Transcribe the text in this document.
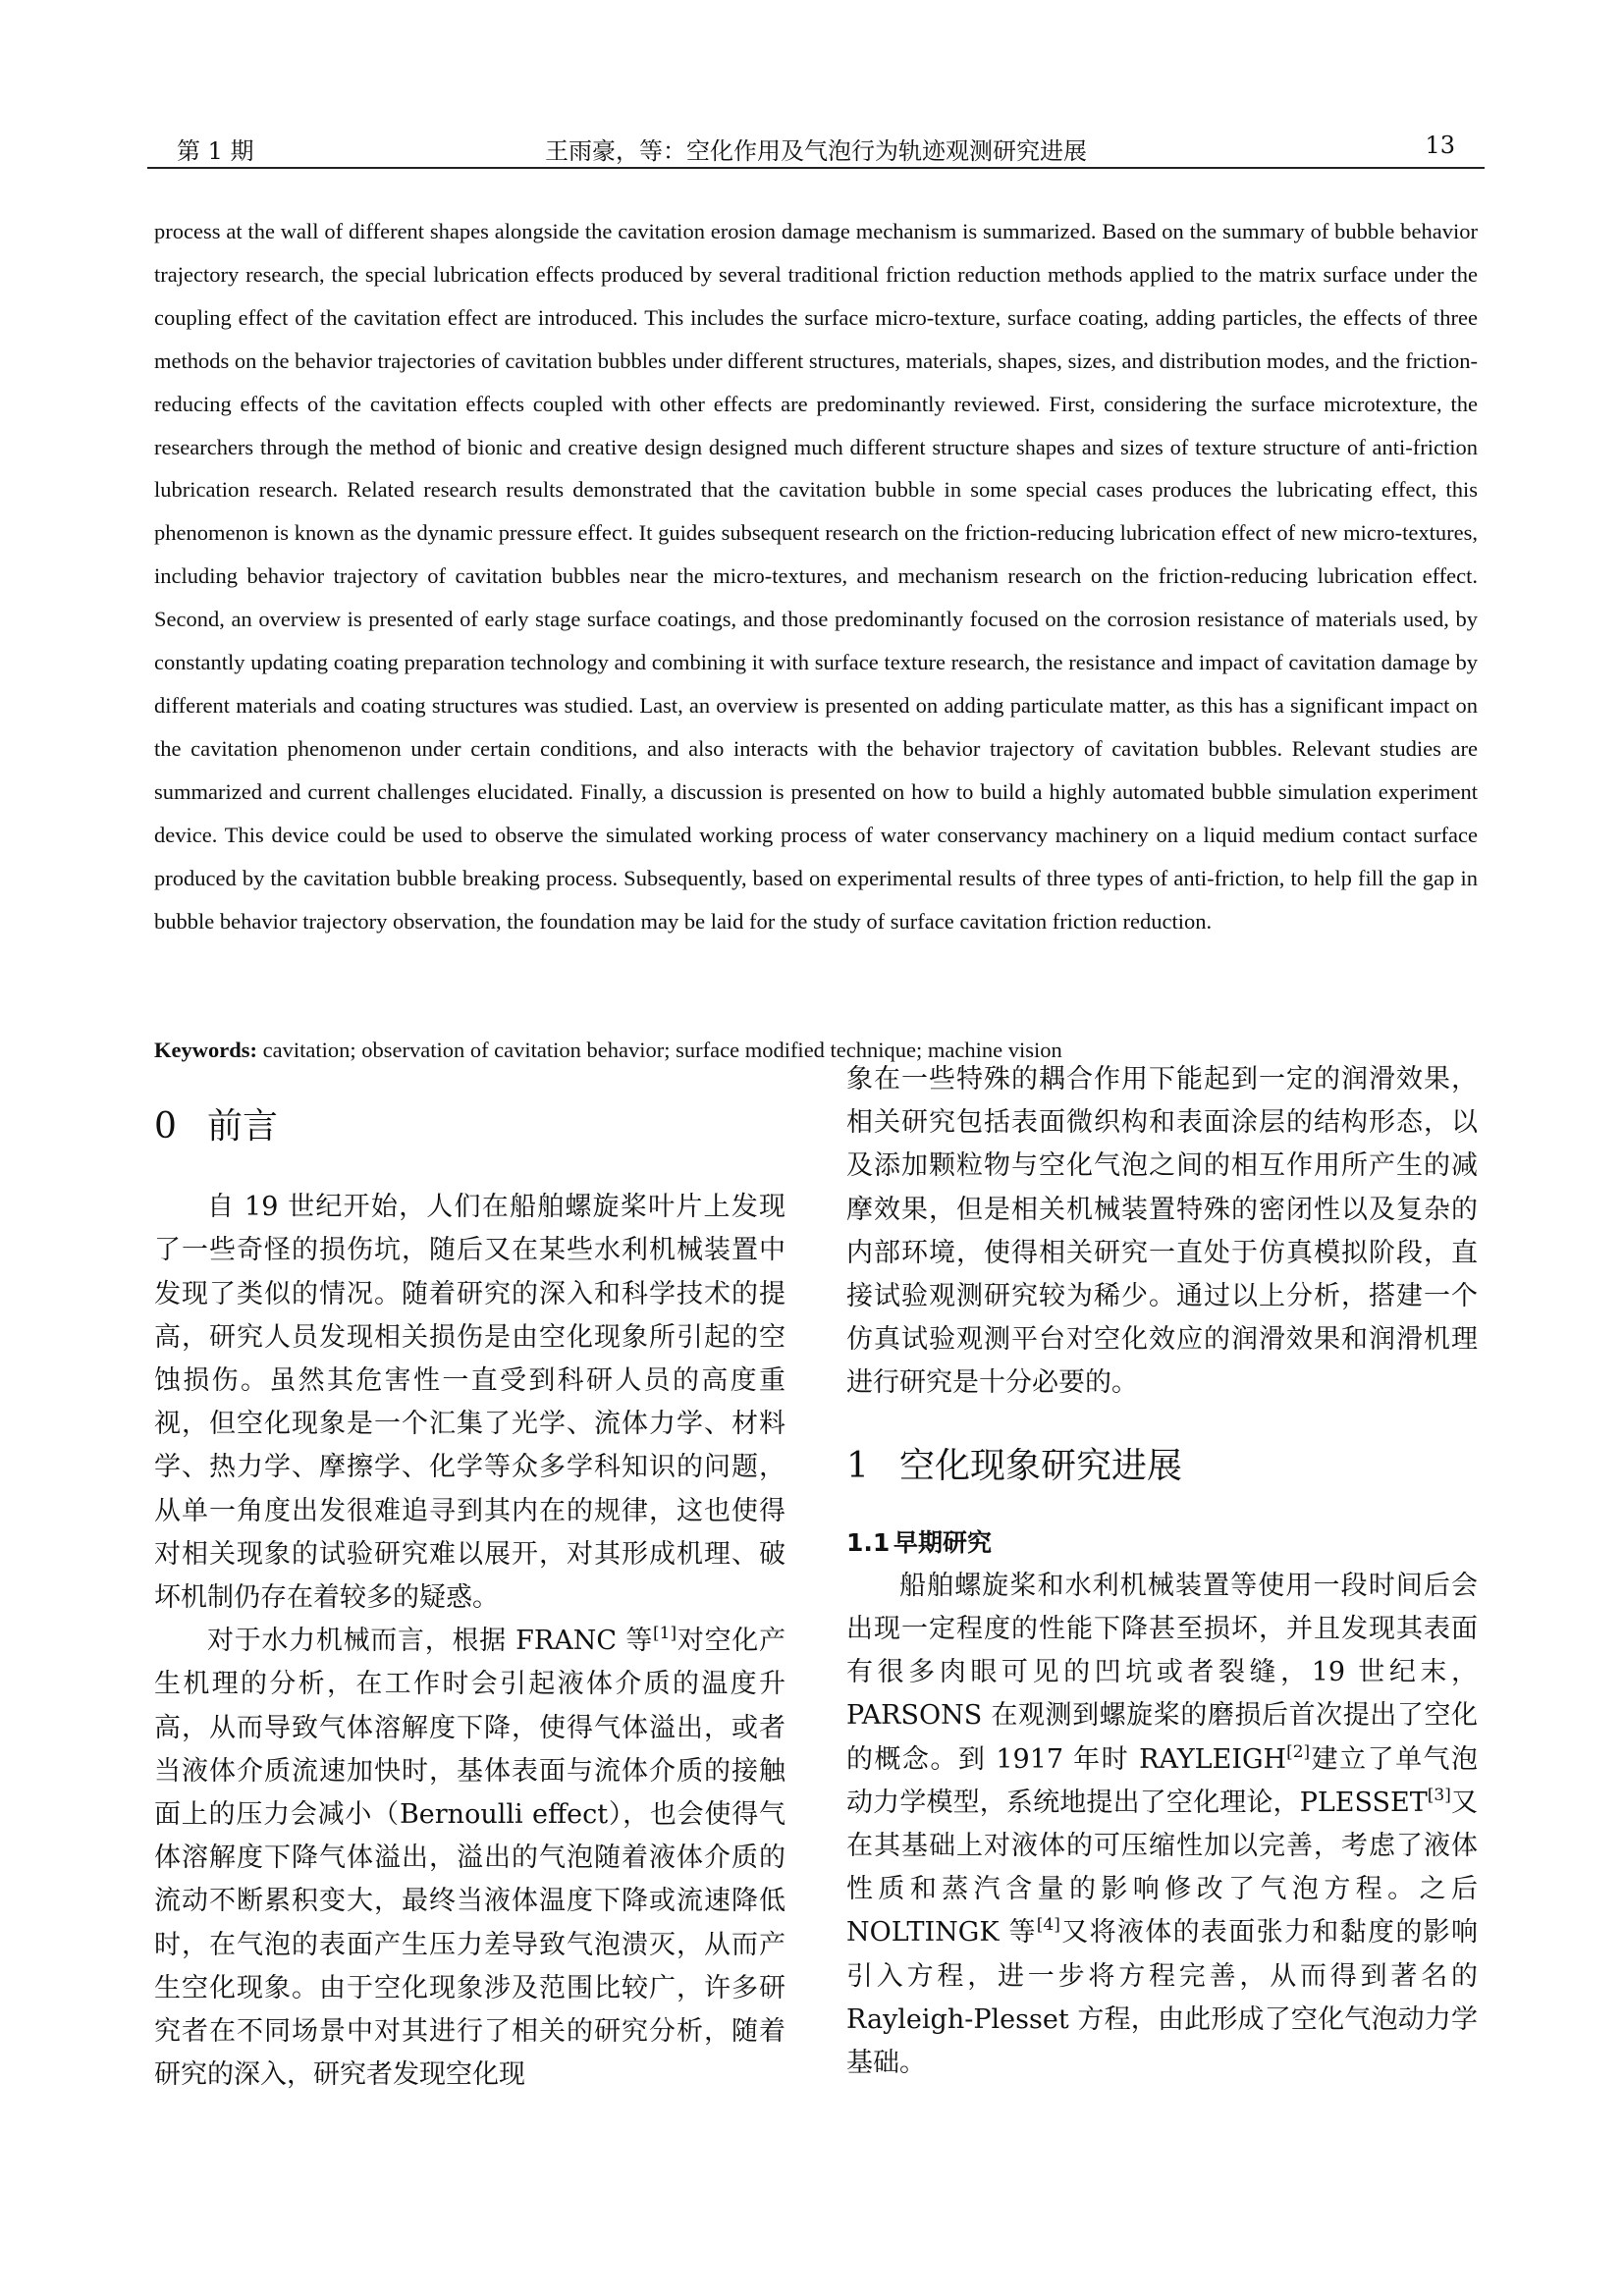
第 1 期	王雨豪，等：空化作用及气泡行为轨迹观测研究进展	13

process at the wall of different shapes alongside the cavitation erosion damage mechanism is summarized. Based on the summary of bubble behavior trajectory research, the special lubrication effects produced by several traditional friction reduction methods applied to the matrix surface under the coupling effect of the cavitation effect are introduced. This includes the surface micro-texture, surface coating, adding particles, the effects of three methods on the behavior trajectories of cavitation bubbles under different structures, materials, shapes, sizes, and distribution modes, and the friction-reducing effects of the cavitation effects coupled with other effects are predominantly reviewed. First, considering the surface microtexture, the researchers through the method of bionic and creative design designed much different structure shapes and sizes of texture structure of anti-friction lubrication research. Related research results demonstrated that the cavitation bubble in some special cases produces the lubricating effect, this phenomenon is known as the dynamic pressure effect. It guides subsequent research on the friction-reducing lubrication effect of new micro-textures, including behavior trajectory of cavitation bubbles near the micro-textures, and mechanism research on the friction-reducing lubrication effect. Second, an overview is presented of early stage surface coatings, and those predominantly focused on the corrosion resistance of materials used, by constantly updating coating preparation technology and combining it with surface texture research, the resistance and impact of cavitation damage by different materials and coating structures was studied. Last, an overview is presented on adding particulate matter, as this has a significant impact on the cavitation phenomenon under certain conditions, and also interacts with the behavior trajectory of cavitation bubbles. Relevant studies are summarized and current challenges elucidated. Finally, a discussion is presented on how to build a highly automated bubble simulation experiment device. This device could be used to observe the simulated working process of water conservancy machinery on a liquid medium contact surface produced by the cavitation bubble breaking process. Subsequently, based on experimental results of three types of anti-friction, to help fill the gap in bubble behavior trajectory observation, the foundation may be laid for the study of surface cavitation friction reduction.

Keywords: cavitation; observation of cavitation behavior; surface modified technique; machine vision
0 前言

自 19 世纪开始，人们在船舶螺旋桨叶片上发现了一些奇怪的损伤坑，随后又在某些水利机械装置中发现了类似的情况。随着研究的深入和科学技术的提高，研究人员发现相关损伤是由空化现象所引起的空蚀损伤。虽然其危害性一直受到科研人员的高度重视，但空化现象是一个汇集了光学、流体力学、材料学、热力学、摩擦学、化学等众多学科知识的问题，从单一角度出发很难追寻到其内在的规律，这也使得对相关现象的试验研究难以展开，对其形成机理、破坏机制仍存在着较多的疑惑。

对于水力机械而言，根据 FRANC 等[1]对空化产生机理的分析，在工作时会引起液体介质的温度升高，从而导致气体溶解度下降，使得气体溢出，或者当液体介质流速加快时，基体表面与流体介质的接触面上的压力会减小（Bernoulli effect），也会使得气体溶解度下降气体溢出，溢出的气泡随着液体介质的流动不断累积变大，最终当液体温度下降或流速降低时，在气泡的表面产生压力差导致气泡溃灭，从而产生空化现象。由于空化现象涉及范围比较广，许多研究者在不同场景中对其进行了相关的研究分析，随着研究的深入，研究者发现空化现

象在一些特殊的耦合作用下能起到一定的润滑效果，相关研究包括表面微织构和表面涂层的结构形态，以及添加颗粒物与空化气泡之间的相互作用所产生的减摩效果，但是相关机械装置特殊的密闭性以及复杂的内部环境，使得相关研究一直处于仿真模拟阶段，直接试验观测研究较为稀少。通过以上分析，搭建一个仿真试验观测平台对空化效应的润滑效果和润滑机理进行研究是十分必要的。

1 空化现象研究进展
1.1 早期研究

船舶螺旋桨和水利机械装置等使用一段时间后会出现一定程度的性能下降甚至损坏，并且发现其表面有很多肉眼可见的凹坑或者裂缝，19 世纪末，PARSONS 在观测到螺旋桨的磨损后首次提出了空化的概念。到 1917 年时 RAYLEIGH[2]建立了单气泡动力学模型，系统地提出了空化理论，PLESSET[3]又在其基础上对液体的可压缩性加以完善，考虑了液体性质和蒸汽含量的影响修改了气泡方程。之后 NOLTINGK 等[4]又将液体的表面张力和黏度的影响引入方程，进一步将方程完善，从而得到著名的 Rayleigh-Plesset 方程，由此形成了空化气泡动力学基础。
